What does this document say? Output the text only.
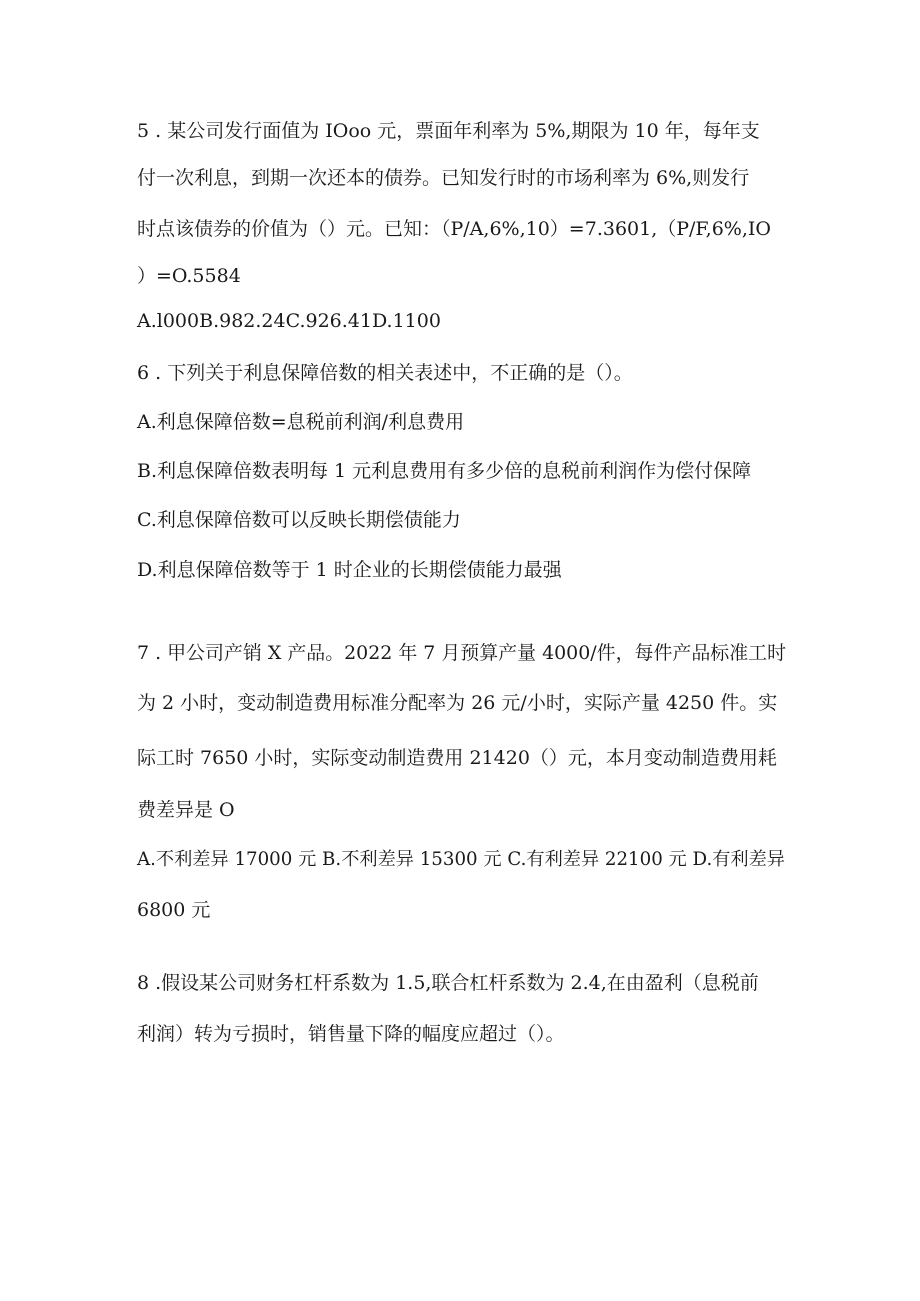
5 . 某公司发行面值为 IOoo 元，票面年利率为 5%,期限为 10 年，每年支

付一次利息，到期一次还本的债券。已知发行时的市场利率为 6%,则发行

时点该债券的价值为（）元。已知：（P/A,6%,10）=7.3601,（P/F,6%,IO

）=O.5584

A.l000B.982.24C.926.41D.1100

6 . 下列关于利息保障倍数的相关表述中，不正确的是（）。

A.利息保障倍数=息税前利润/利息费用

B.利息保障倍数表明每 1 元利息费用有多少倍的息税前利润作为偿付保障

C.利息保障倍数可以反映长期偿债能力

D.利息保障倍数等于 1 时企业的长期偿债能力最强

7 . 甲公司产销 X 产品。2022 年 7 月预算产量 4000/件，每件产品标准工时

为 2 小时，变动制造费用标准分配率为 26 元/小时，实际产量 4250 件。实

际工时 7650 小时，实际变动制造费用 21420（）元，本月变动制造费用耗

费差异是 O

A.不利差异 17000 元 B.不利差异 15300 元 C.有利差异 22100 元 D.有利差异

6800 元

8 .假设某公司财务杠杆系数为 1.5,联合杠杆系数为 2.4,在由盈利（息税前

利润）转为亏损时，销售量下降的幅度应超过（）。
